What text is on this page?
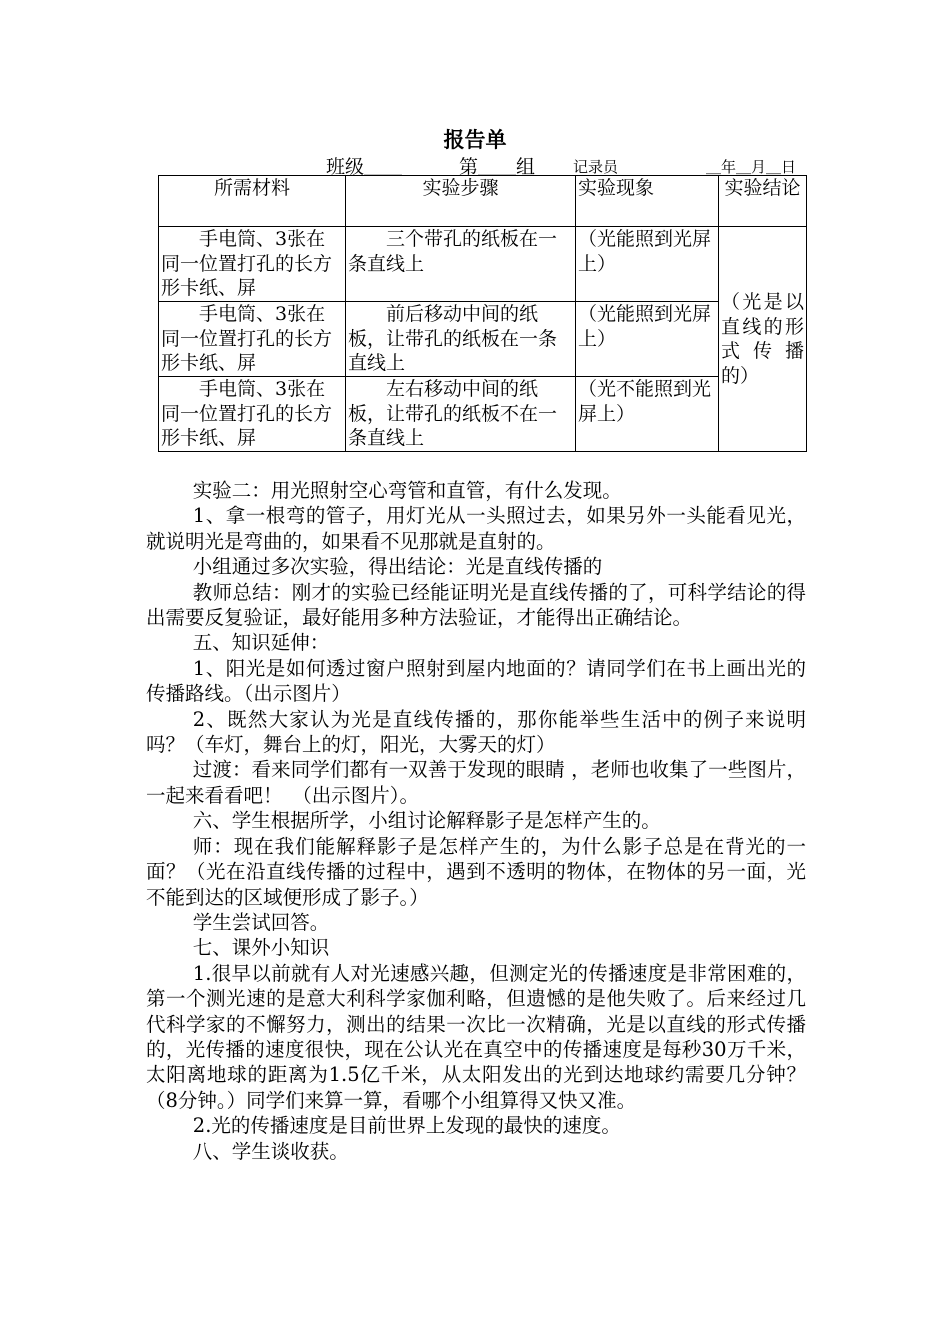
报告单
班级＿＿	第＿＿组	记录员____	＿年＿月＿日
所需材料	实验步骤	实验现象	实验结论
手电筒、3张在同一位置打孔的长方形卡纸、屏	三个带孔的纸板在一条直线上	（光能照到光屏上）	（光是以直线的形式传播的）
手电筒、3张在同一位置打孔的长方形卡纸、屏	前后移动中间的纸板，让带孔的纸板在一条直线上	（光能照到光屏上）	
手电筒、3张在同一位置打孔的长方形卡纸、屏	左右移动中间的纸板，让带孔的纸板不在一条直线上	（光不能照到光屏上）	

实验二：用光照射空心弯管和直管，有什么发现。

1、拿一根弯的管子，用灯光从一头照过去，如果另外一头能看见光，就说明光是弯曲的，如果看不见那就是直射的。

小组通过多次实验，得出结论：光是直线传播的

教师总结：刚才的实验已经能证明光是直线传播的了，可科学结论的得出需要反复验证，最好能用多种方法验证，才能得出正确结论。

五、知识延伸：

1、阳光是如何透过窗户照射到屋内地面的？请同学们在书上画出光的传播路线。（出示图片）

2、既然大家认为光是直线传播的，那你能举些生活中的例子来说明吗？（车灯，舞台上的灯，阳光，大雾天的灯）

过渡：看来同学们都有一双善于发现的眼睛 ，老师也收集了一些图片，一起来看看吧！　（出示图片）。

六、学生根据所学，小组讨论解释影子是怎样产生的。

师：现在我们能解释影子是怎样产生的，为什么影子总是在背光的一面？（光在沿直线传播的过程中，遇到不透明的物体，在物体的另一面，光不能到达的区域便形成了影子。）

学生尝试回答。

七、课外小知识

1.很早以前就有人对光速感兴趣，但测定光的传播速度是非常困难的，第一个测光速的是意大利科学家伽利略，但遗憾的是他失败了。后来经过几代科学家的不懈努力，测出的结果一次比一次精确，光是以直线的形式传播的，光传播的速度很快，现在公认光在真空中的传播速度是每秒30万千米，太阳离地球的距离为1.5亿千米，从太阳发出的光到达地球约需要几分钟？（8分钟。）同学们来算一算，看哪个小组算得又快又准。

2.光的传播速度是目前世界上发现的最快的速度。

八、学生谈收获。
